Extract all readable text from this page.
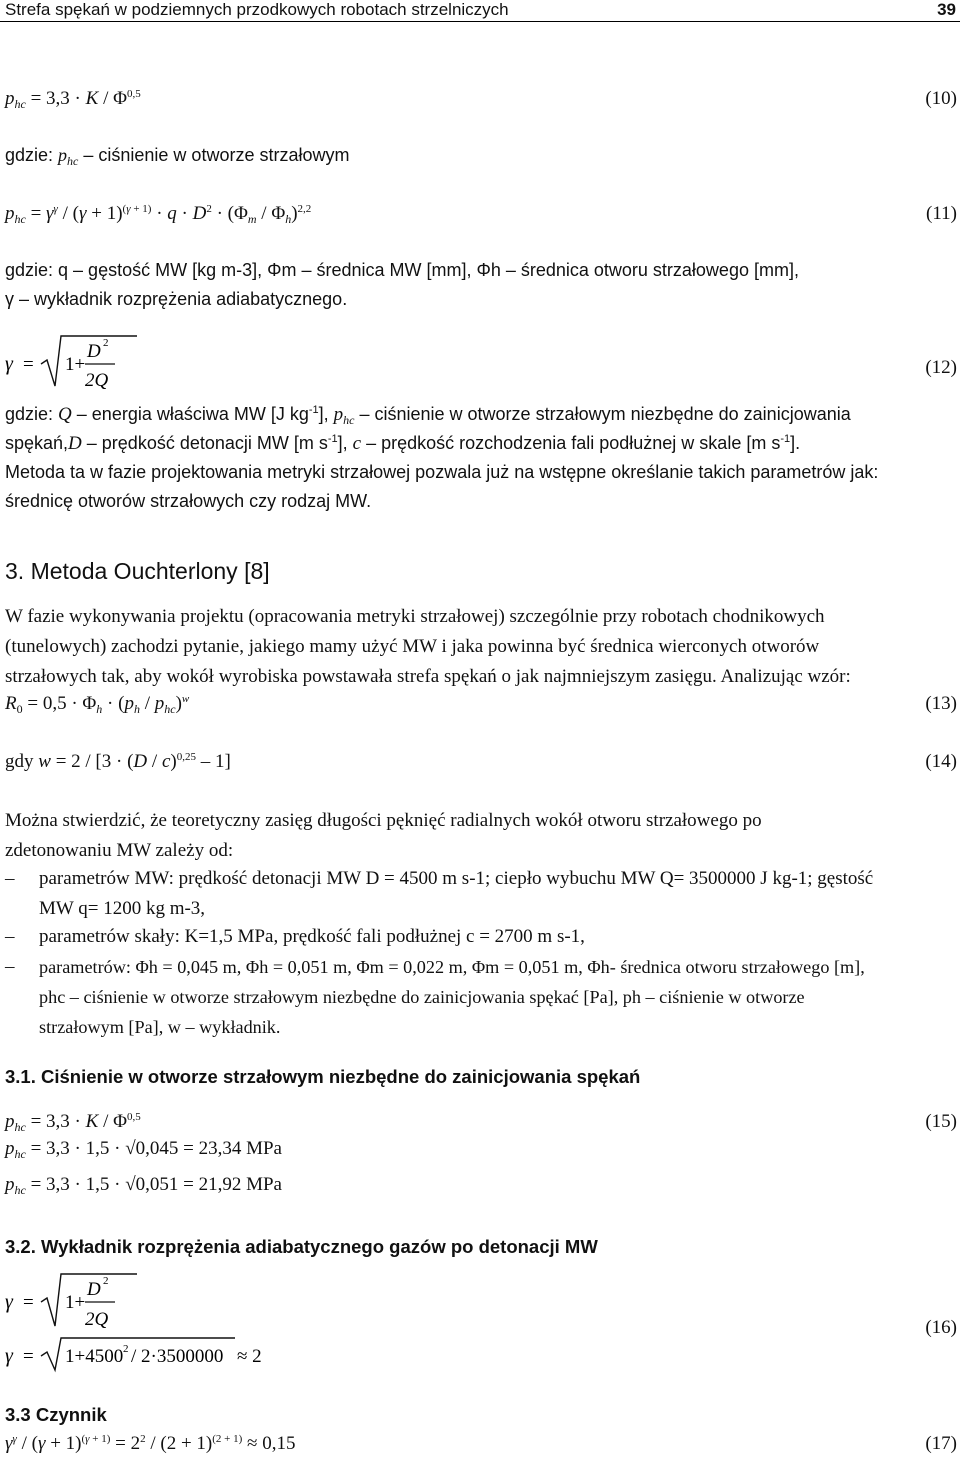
Strefa spękań w podziemnych przodkowych robotach strzelniczych	39
$p_{hc} = 3,3 \cdot K / \Phi^{0,5}$	(10)
gdzie: $p_{hc}$ – ciśnienie w otworze strzałowym
$p_{hc} = \gamma^\gamma / (\gamma + 1)^{(\gamma + 1)} \cdot q \cdot D^2 \cdot (\Phi_m / \Phi_h)^{2,2}$	(11)

gdzie: q – gęstość MW [kg m-3], Φm – średnica MW [mm], Φh – średnica otworu strzałowego [mm],

γ – wykładnik rozprężenia adiabatycznego.

γ = 1+
D 2
2Q
(12)

gdzie: Q – energia właściwa MW [J $kg^{-1}$], $p_{hc}$ – ciśnienie w otworze strzałowym niezbędne do zainicjowania

spękań,D – prędkość detonacji MW [m $s^{-1}$], c – prędkość rozchodzenia fali podłużnej w skale [m $s^{-1}$].

Metoda ta w fazie projektowania metryki strzałowej pozwala już na wstępne określanie takich parametrów jak:

średnicę otworów strzałowych czy rodzaj MW.

3. Metoda Ouchterlony [8]

W fazie wykonywania projektu (opracowania metryki strzałowej) szczególnie przy robotach chodnikowych

(tunelowych) zachodzi pytanie, jakiego mamy użyć MW i jaka powinna być średnica wierconych otworów

strzałowych tak, aby wokół wyrobiska powstawała strefa spękań o jak najmniejszym zasięgu. Analizując wzór:

$R_0 = 0,5 \cdot \Phi_h \cdot (p_h / p_{hc})^w$	(13)
gdy w = 2 / [3 · (D / c)$^{0,25}$ – 1]	(14)

Można stwierdzić, że teoretyczny zasięg długości pęknięć radialnych wokół otworu strzałowego po

zdetonowaniu MW zależy od:

– parametrów MW: prędkość detonacji MW D = 4500 m s-1; ciepło wybuchu MW Q= 3500000 J kg-1; gęstość

MW q= 1200 kg m-3,

– parametrów skały: K=1,5 MPa, prędkość fali podłużnej c = 2700 m s-1,

– parametrów: Φh = 0,045 m, Φh = 0,051 m, Φm = 0,022 m, Φm = 0,051 m, Φh- średnica otworu strzałowego [m],

phc – ciśnienie w otworze strzałowym niezbędne do zainicjowania spękać [Pa], ph – ciśnienie w otworze

strzałowym [Pa], w – wykładnik.

3.1. Ciśnienie w otworze strzałowym niezbędne do zainicjowania spękań
$p_{hc} = 3,3 \cdot K / \Phi^{0,5}$	(15)
$p_{hc} = 3,3 \cdot 1,5 \cdot √0,045 = 23,34$ MPa
$p_{hc} = 3,3 \cdot 1,5 \cdot √0,051 = 21,92$ MPa
3.2. Wykładnik rozprężenia adiabatycznego gazów po detonacji MW
γ = 1+
D 2
2Q
γ = 1+4500 2 / 2·3500000 ≈ 2
(16)
3.3 Czynnik
$\gamma^\gamma / (\gamma + 1)^{(\gamma + 1)} = 2^2 / (2 + 1)^{(2 + 1)} \approx 0,15$	(17)
